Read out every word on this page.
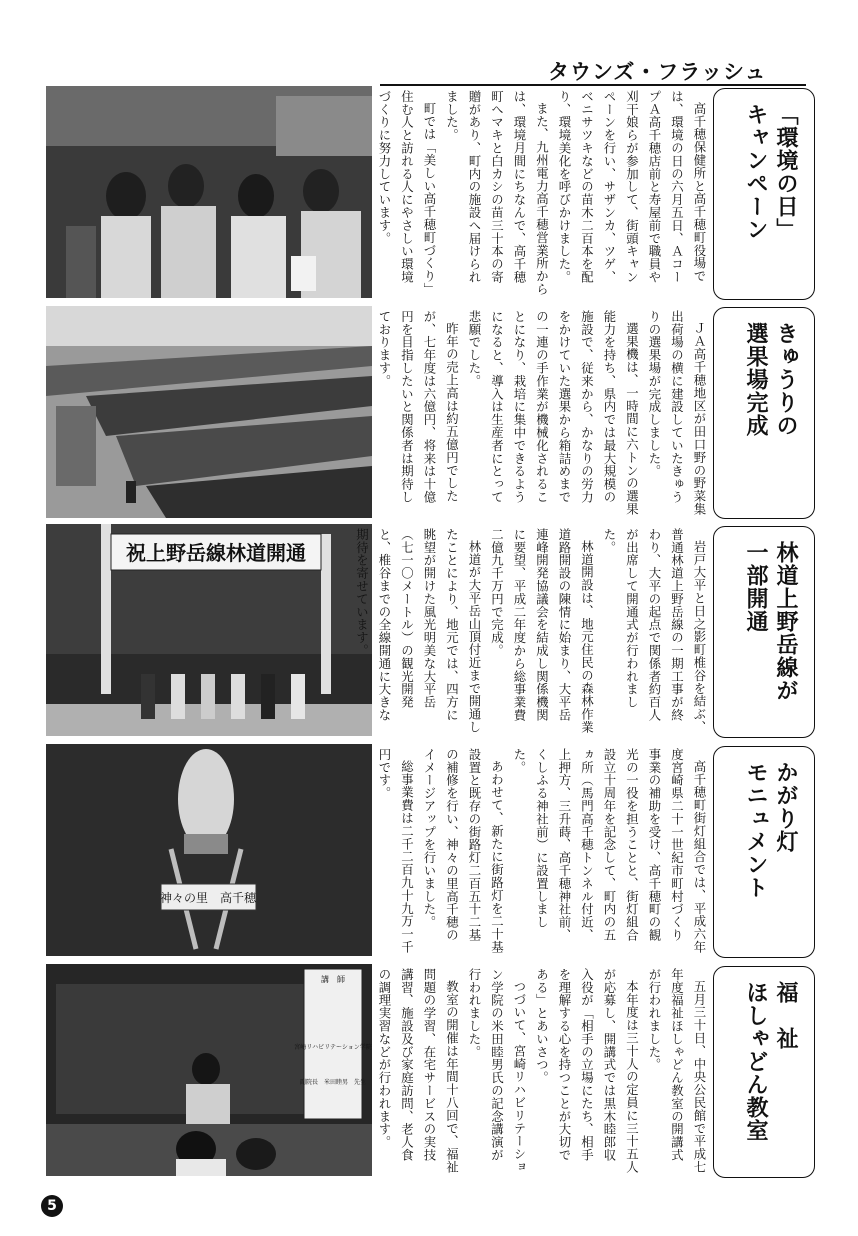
タウンズ・フラッシュ

高千穂保健所と高千穂町役場では、環境の日の六月五日、ＡコープＡ高千穂店前と寿屋前で職員や刈干娘らが参加して、街頭キャンペーンを行い、サザンカ、ツゲ、ベニサツキなどの苗木二百本を配り、環境美化を呼びかけました。

また、九州電力高千穂営業所からは、環境月間にちなんで、高千穂町へマキと白カシの苗三十本の寄贈があり、町内の施設へ届けられました。

町では「美しい高千穂町づくり」住む人と訪れる人にやさしい環境づくりに努力しています。	「環境の日」
キャンペーン

ＪＡ高千穂地区が田口野の野菜集出荷場の横に建設していたきゅうりの選果場が完成しました。

選果機は、一時間に六トンの選果能力を持ち、県内では最大規模の施設で、従来から、かなりの労力をかけていた選果から箱詰めまでの一連の手作業が機械化されることになり、栽培に集中できるようになると、導入は生産者にとって悲願でした。

昨年の売上高は約五億円でしたが、七年度は六億円、将来は十億円を目指したいと関係者は期待しております。	きゅうりの
選果場完成
祝上野岳線林道開通	岩戸大平と日之影町椎谷を結ぶ、普通林道上野岳線の一期工事が終わり、大平の起点で関係者約百人が出席して開通式が行われました。

林道開設は、地元住民の森林作業道路開設の陳情に始まり、大平岳連峰開発協議会を結成し関係機関に要望、平成二年度から総事業費二億九千万円で完成。

林道が大平岳山頂付近まで開通したことにより、地元では、四方に眺望が開けた風光明美な大平岳（七一〇メートル）の観光開発と、椎谷までの全線開通に大きな期待を寄せています。	林道上野岳線が
一部開通
神々の里　高千穂	高千穂町街灯組合では、平成六年度宮崎県二十一世紀市町村づくり事業の補助を受け、高千穂町の観光の一役を担うことと、街灯組合設立十周年を記念して、町内の五ヵ所（馬門高千穂トンネル付近、上押方、三升蒔、高千穂神社前、くしふる神社前）に設置しました。

あわせて、新たに街路灯を二十基設置と既存の街路灯二百五十二基の補修を行い、神々の里高千穂のイメージアップを行いました。

総事業費は二千二百九十九万一千円です。	かがり灯
モニュメント
講　師
宮崎リハビリテーション学院
副院長　米田睦男　先生	五月三十日、中央公民館で平成七年度福祉ほしゃどん教室の開講式が行われました。

本年度は三十人の定員に三十五人が応募し、開講式では黒木睦郎収入役が「相手の立場にたち、相手を理解する心を持つことが大切である」とあいさつ。

つづいて、宮崎リハビリテーション学院の米田睦男氏の記念講演が行われました。

教室の開催は年間十八回で、福祉問題の学習、在宅サービスの実技講習、施設及び家庭訪問、老人食の調理実習などが行われます。	福　祉
ほしゃどん教室
5
